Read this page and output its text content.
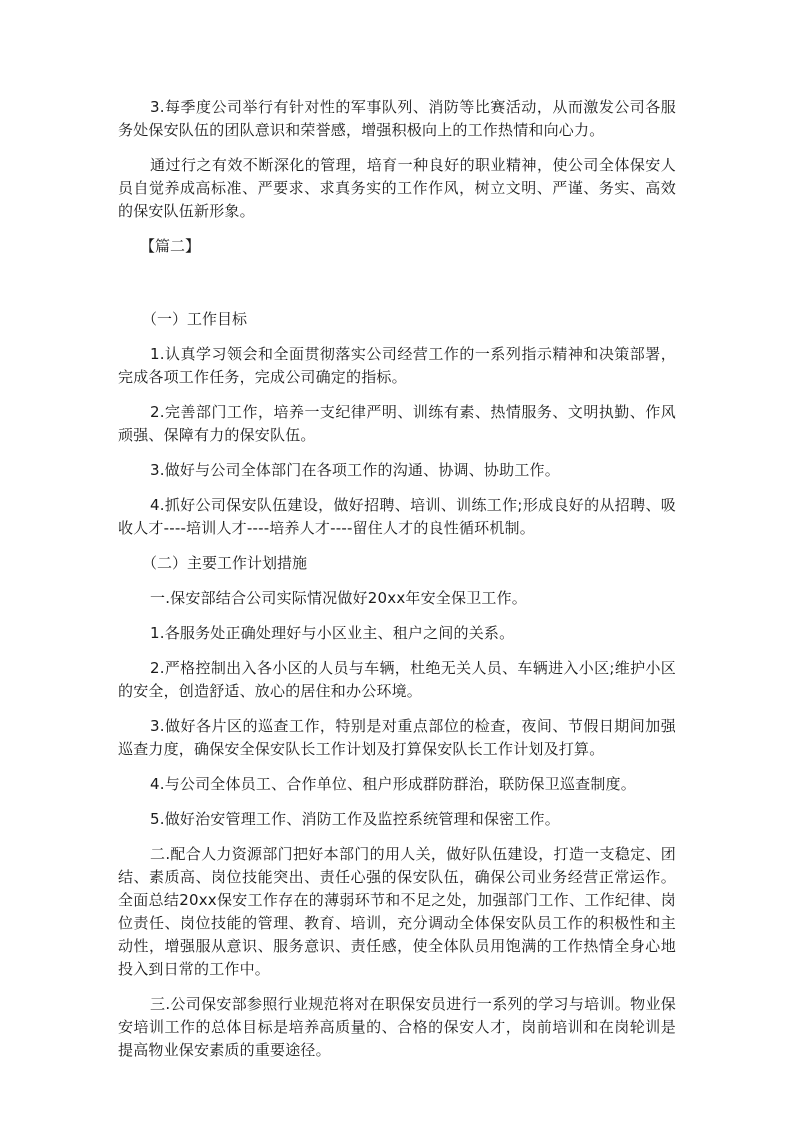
3.每季度公司举行有针对性的军事队列、消防等比赛活动，从而激发公司各服务处保安队伍的团队意识和荣誉感，增强积极向上的工作热情和向心力。

通过行之有效不断深化的管理，培育一种良好的职业精神，使公司全体保安人员自觉养成高标准、严要求、求真务实的工作作风，树立文明、严谨、务实、高效的保安队伍新形象。

【篇二】
（一）工作目标

1.认真学习领会和全面贯彻落实公司经营工作的一系列指示精神和决策部署，完成各项工作任务，完成公司确定的指标。

2.完善部门工作，培养一支纪律严明、训练有素、热情服务、文明执勤、作风顽强、保障有力的保安队伍。

3.做好与公司全体部门在各项工作的沟通、协调、协助工作。

4.抓好公司保安队伍建设，做好招聘、培训、训练工作;形成良好的从招聘、吸收人才----培训人才----培养人才----留住人才的良性循环机制。

（二）主要工作计划措施

一.保安部结合公司实际情况做好20xx年安全保卫工作。

1.各服务处正确处理好与小区业主、租户之间的关系。

2.严格控制出入各小区的人员与车辆，杜绝无关人员、车辆进入小区;维护小区的安全，创造舒适、放心的居住和办公环境。

3.做好各片区的巡查工作，特别是对重点部位的检查，夜间、节假日期间加强巡查力度，确保安全保安队长工作计划及打算保安队长工作计划及打算。

4.与公司全体员工、合作单位、租户形成群防群治，联防保卫巡查制度。

5.做好治安管理工作、消防工作及监控系统管理和保密工作。

二.配合人力资源部门把好本部门的用人关，做好队伍建设，打造一支稳定、团结、素质高、岗位技能突出、责任心强的保安队伍，确保公司业务经营正常运作。全面总结20xx保安工作存在的薄弱环节和不足之处，加强部门工作、工作纪律、岗位责任、岗位技能的管理、教育、培训，充分调动全体保安队员工作的积极性和主动性，增强服从意识、服务意识、责任感，使全体队员用饱满的工作热情全身心地投入到日常的工作中。

三.公司保安部参照行业规范将对在职保安员进行一系列的学习与培训。物业保安培训工作的总体目标是培养高质量的、合格的保安人才，岗前培训和在岗轮训是提高物业保安素质的重要途径。
